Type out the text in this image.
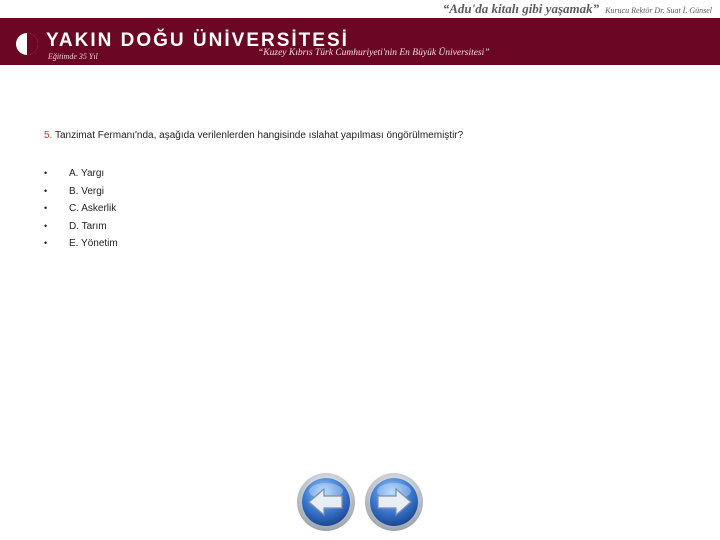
“Adu'da kitalı gibi yaşamak” Kurucu Rektör Dr. Suat İ. Günsel
YAKIN DOĞU ÜNİVERSİTESİ
Eğitimde 35 Yıl	“Kuzey Kıbrıs Türk Cumhuriyeti'nin En Büyük Üniversitesi”
5. Tanzimat Fermanı'nda, aşağıda verilenlerden hangisinde ıslahat yapılması öngörülmemiştir?
• A. Yargı
• B. Vergi
• C. Askerlik
• D. Tarım
• E. Yönetim
